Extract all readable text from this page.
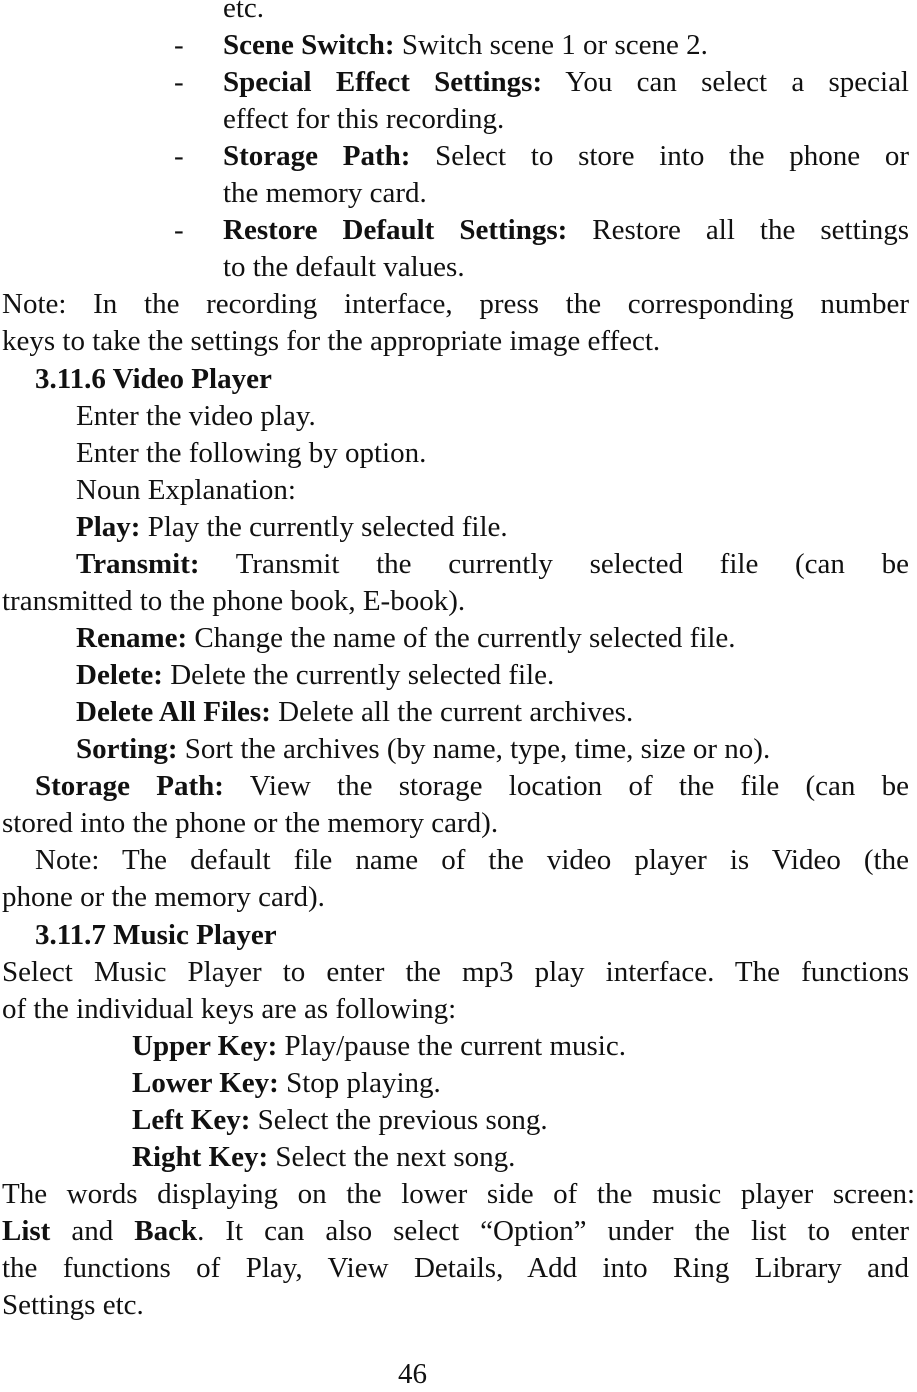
etc.

- Scene Switch: Switch scene 1 or scene 2.

- Special Effect Settings: You can select a special

effect for this recording.

- Storage Path: Select to store into the phone or

the memory card.

- Restore Default Settings: Restore all the settings

to the default values.

Note: In the recording interface, press the corresponding number

keys to take the settings for the appropriate image effect.

3.11.6 Video Player

Enter the video play.

Enter the following by option.

Noun Explanation:

Play: Play the currently selected file.

Transmit: Transmit the currently selected file (can be

transmitted to the phone book, E-book).

Rename: Change the name of the currently selected file.

Delete: Delete the currently selected file.

Delete All Files: Delete all the current archives.

Sorting: Sort the archives (by name, type, time, size or no).

Storage Path: View the storage location of the file (can be

stored into the phone or the memory card).

Note: The default file name of the video player is Video (the

phone or the memory card).

3.11.7 Music Player

Select Music Player to enter the mp3 play interface. The functions

of the individual keys are as following:

Upper Key: Play/pause the current music.

Lower Key: Stop playing.

Left Key: Select the previous song.

Right Key: Select the next song.

The words displaying on the lower side of the music player screen:

List and Back. It can also select “Option” under the list to enter

the functions of Play, View Details, Add into Ring Library and

Settings etc.

46
